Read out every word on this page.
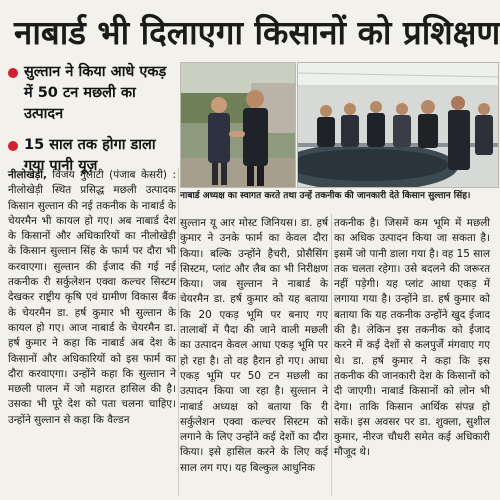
नाबार्ड भी दिलाएगा किसानों को प्रशिक्षण
सुल्तान ने किया आधे एकड़ में 50 टन मछली का उत्पादन
15 साल तक होगा डाला गया पानी यूज़
नाबार्ड अध्यक्ष का स्वागत करते तथा उन्हें तकनीक की जानकारी देते किसान सुल्तान सिंह।
नीलोखेड़ी, विजय गुलाटी (पंजाब केसरी) : नीलोखेड़ी स्थित प्रसिद्ध मछली उत्पादक किसान सुल्तान की नई तकनीक के नाबार्ड के चेयरमैन भी कायल हो गए। अब नाबार्ड देश के किसानों और अधिकारियों का नीलोखेड़ी के किसान सुल्तान सिंह के फार्म पर दौरा भी करवाएगा। सुल्तान की ईजाद की गई नई तकनीक री सर्कुलेशन एक्वा कल्चर सिस्टम देखकर राष्ट्रीय कृषि एवं ग्रामीण विकास बैंक के चेयरमैन डा. हर्ष कुमार भी सुल्तान के कायल हो गए। आज नाबार्ड के चेयरमैन डा. हर्ष कुमार ने कहा कि नाबार्ड अब देश के किसानों और अधिकारियों को इस फार्म का दौरा करवाएगा। उन्होंने कहा कि सुल्तान ने मछली पालन में जो महारत हासिल की है। उसका भी पूरे देश को पता चलना चाहिए। उन्होंने सुल्तान से कहा कि वैल्डन
सुल्तान यू आर मोस्ट जिनियस। डा. हर्ष कुमार ने उनके फार्म का केवल दौरा किया। बल्कि उन्होंने हैचरी, प्रोसैसिंग सिस्टम, प्लांट और लैब का भी निरीक्षण किया। जब सुल्तान ने नाबार्ड के चेयरमैन डा. हर्ष कुमार को यह बताया कि 20 एकड़ भूमि पर बनाए गए तालाबों में पैदा की जाने वाली मछली का उत्पादन केवल आधा एकड़ भूमि पर हो रहा है। तो वह हैरान हो गए। आधा एकड़ भूमि पर 50 टन मछली का उत्पादन किया जा रहा है। सुल्तान ने नाबार्ड अध्यक्ष को बताया कि री सर्कुलेशन एक्वा कल्चर सिस्टम को लगाने के लिए उन्होंने कई देशों का दौरा किया। इसे हासिल करने के लिए कई साल लग गए। यह बिल्कुल आधुनिक
तकनीक है। जिसमें कम भूमि में मछली का अधिक उत्पादन किया जा सकता है। इसमें जो पानी डाला गया है। वह 15 साल तक चलता रहेगा। उसे बदलने की जरूरत नहीं पड़ेगी। यह प्लांट आधा एकड़ में लगाया गया है। उन्होंने डा. हर्ष कुमार को बताया कि यह तकनीक उन्होंने खुद ईजाद की है। लेकिन इस तकनीक को ईजाद करने में कई देशों से कलपुर्जे मंगवाए गए थे। डा. हर्ष कुमार ने कहा कि इस तकनीक की जानकारी देश के किसानों को दी जाएगी। नाबार्ड किसानों को लोन भी देगा। ताकि किसान आर्थिक संपन्न हो सकें। इस अवसर पर डा. शुक्ला, सुशील कुमार, नीरज चौधरी समेत कई अधिकारी मौजूद थे।
